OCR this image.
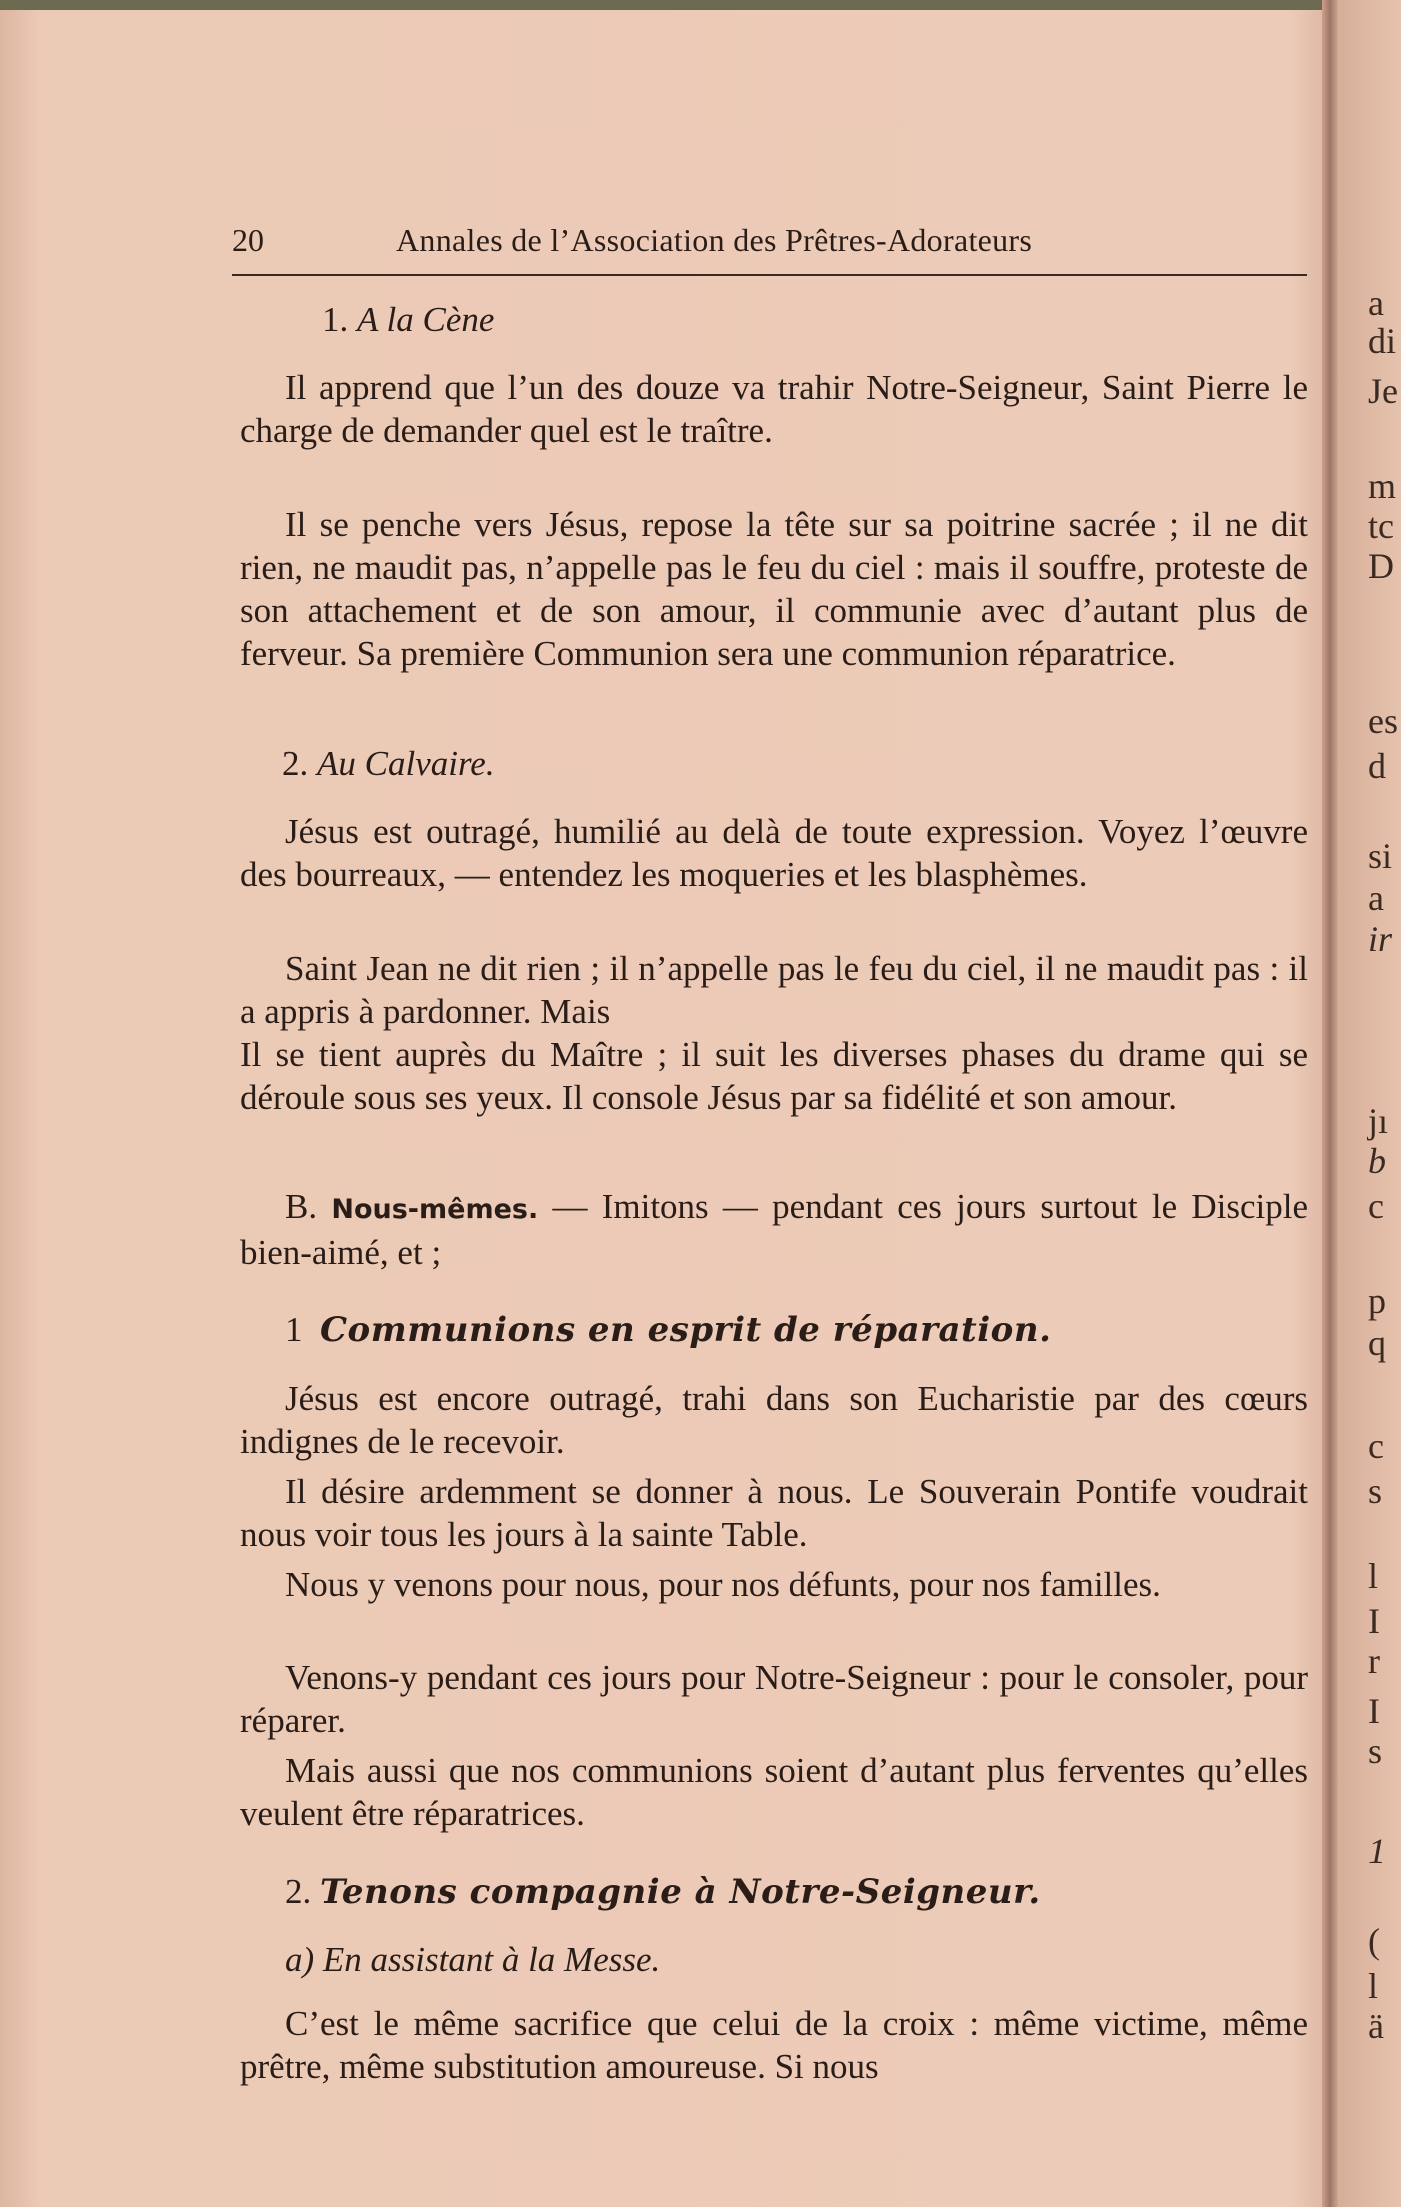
a
di
Je
m
tc
D
es
d
si
a
ir
jı
b
c
p
q
c
s
l
I
r
I
s
1
(
l
ä
20	Annales de l’Association des Prêtres-Adorateurs
1. A la Cène
Il apprend que l’un des douze va trahir Notre-Seigneur, Saint Pierre le charge de demander quel est le traître.
Il se penche vers Jésus, repose la tête sur sa poitrine sacrée ; il ne dit rien, ne maudit pas, n’appelle pas le feu du ciel : mais il souffre, proteste de son attachement et de son amour, il communie avec d’autant plus de ferveur. Sa première Communion sera une communion réparatrice.
2. Au Calvaire.
Jésus est outragé, humilié au delà de toute expression. Voyez l’œuvre des bourreaux, — entendez les moqueries et les blasphèmes.
Saint Jean ne dit rien ; il n’appelle pas le feu du ciel, il ne maudit pas : il a appris à pardonner. Mais
Il se tient auprès du Maître ; il suit les diverses phases du drame qui se déroule sous ses yeux. Il console Jésus par sa fidélité et son amour.
B. Nous-mêmes. — Imitons — pendant ces jours surtout le Disciple bien-aimé, et ;
1 Communions en esprit de réparation.
Jésus est encore outragé, trahi dans son Eucharistie par des cœurs indignes de le recevoir.
Il désire ardemment se donner à nous. Le Souverain Pontife voudrait nous voir tous les jours à la sainte Table.
Nous y venons pour nous, pour nos défunts, pour nos familles.
Venons-y pendant ces jours pour Notre-Seigneur : pour le consoler, pour réparer.
Mais aussi que nos communions soient d’autant plus ferventes qu’elles veulent être réparatrices.
2. Tenons compagnie à Notre-Seigneur.
a) En assistant à la Messe.
C’est le même sacrifice que celui de la croix : même victime, même prêtre, même substitution amoureuse. Si nous
